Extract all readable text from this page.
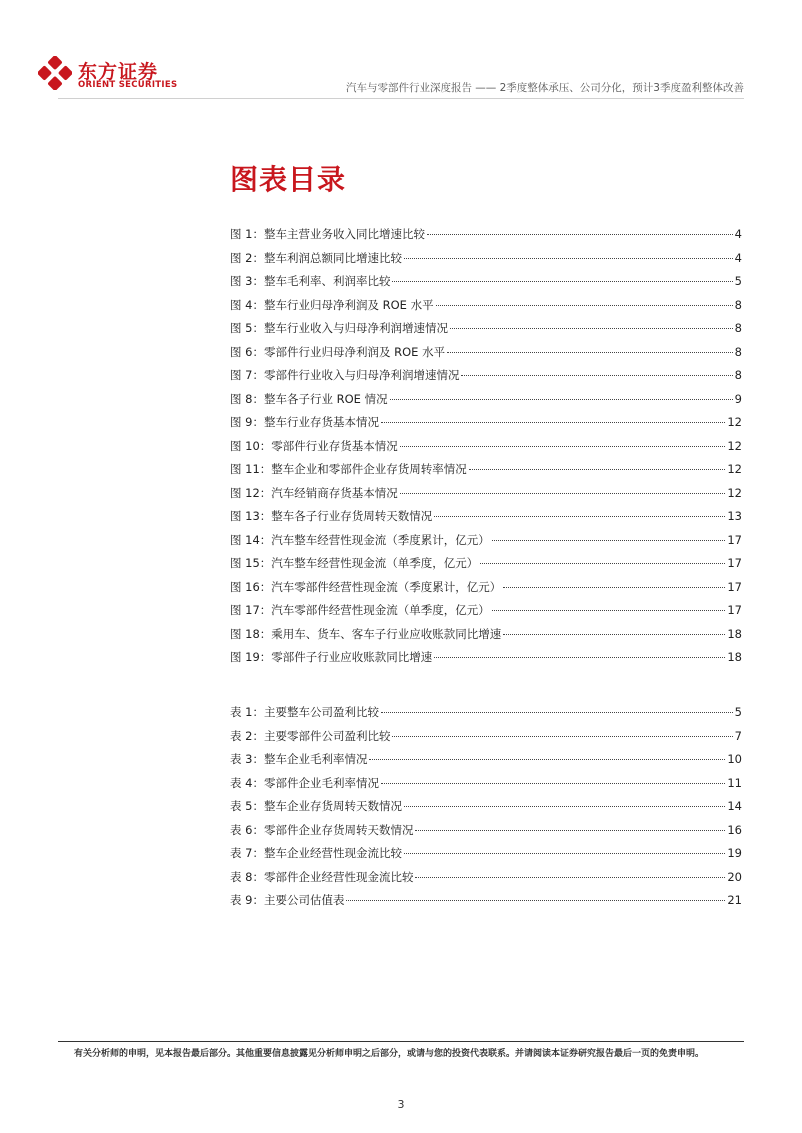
东方证券
ORIENT SECURITIES	汽车与零部件行业深度报告 —— 2季度整体承压、公司分化，预计3季度盈利整体改善
图表目录
图 1： 整车主营业务收入同比增速比较	4
图 2： 整车利润总额同比增速比较	4
图 3： 整车毛利率、利润率比较	5
图 4： 整车行业归母净利润及 ROE 水平	8
图 5： 整车行业收入与归母净利润增速情况	8
图 6： 零部件行业归母净利润及 ROE 水平	8
图 7： 零部件行业收入与归母净利润增速情况	8
图 8： 整车各子行业 ROE 情况	9
图 9： 整车行业存货基本情况	12
图 10： 零部件行业存货基本情况	12
图 11： 整车企业和零部件企业存货周转率情况	12
图 12： 汽车经销商存货基本情况	12
图 13： 整车各子行业存货周转天数情况	13
图 14： 汽车整车经营性现金流（季度累计，亿元）	17
图 15： 汽车整车经营性现金流（单季度，亿元）	17
图 16： 汽车零部件经营性现金流（季度累计，亿元）	17
图 17： 汽车零部件经营性现金流（单季度，亿元）	17
图 18： 乘用车、货车、客车子行业应收账款同比增速	18
图 19： 零部件子行业应收账款同比增速	18
表 1： 主要整车公司盈利比较	5
表 2： 主要零部件公司盈利比较	7
表 3： 整车企业毛利率情况	10
表 4： 零部件企业毛利率情况	11
表 5： 整车企业存货周转天数情况	14
表 6： 零部件企业存货周转天数情况	16
表 7： 整车企业经营性现金流比较	19
表 8： 零部件企业经营性现金流比较	20
表 9： 主要公司估值表	21
有关分析师的申明，见本报告最后部分。其他重要信息披露见分析师申明之后部分，或请与您的投资代表联系。并请阅读本证券研究报告最后一页的免责申明。
3
